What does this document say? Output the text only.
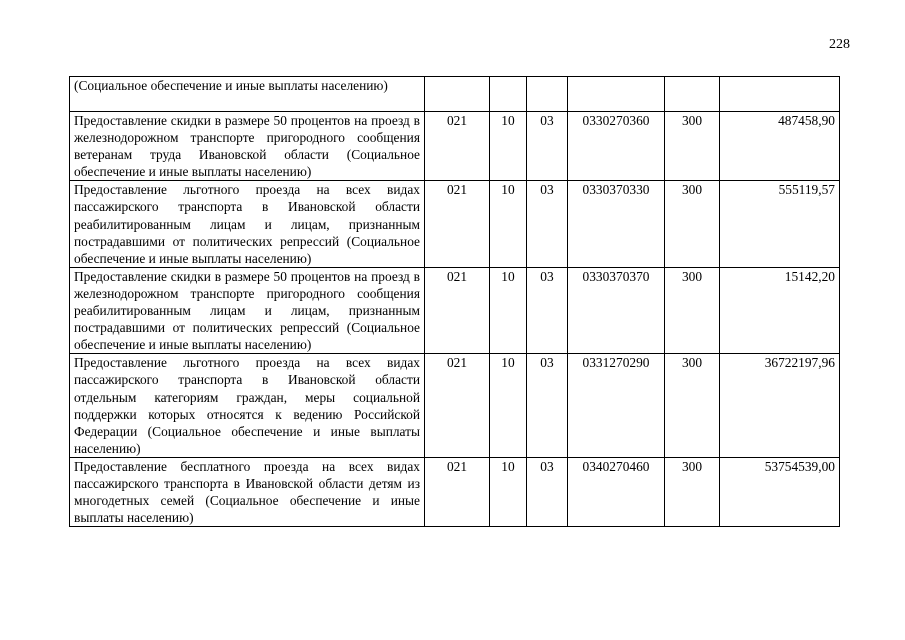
228
(Социальное обеспечение и иные выплаты населению)						
Предоставление скидки в размере 50 процентов на проезд в железнодорожном транспорте пригородного сообщения ветеранам труда Ивановской области (Социальное обеспечение и иные выплаты населению)	021	10	03	0330270360	300	487458,90
Предоставление льготного проезда на всех видах пассажирского транспорта в Ивановской области реабилитированным лицам и лицам, признанным пострадавшими от политических репрессий (Социальное обеспечение и иные выплаты населению)	021	10	03	0330370330	300	555119,57
Предоставление скидки в размере 50 процентов на проезд в железнодорожном транспорте пригородного сообщения реабилитированным лицам и лицам, признанным пострадавшими от политических репрессий (Социальное обеспечение и иные выплаты населению)	021	10	03	0330370370	300	15142,20
Предоставление льготного проезда на всех видах пассажирского транспорта в Ивановской области отдельным категориям граждан, меры социальной поддержки которых относятся к ведению Российской Федерации (Социальное обеспечение и иные выплаты населению)	021	10	03	0331270290	300	36722197,96
Предоставление бесплатного проезда на всех видах пассажирского транспорта в Ивановской области детям из многодетных семей (Социальное обеспечение и иные выплаты населению)	021	10	03	0340270460	300	53754539,00
